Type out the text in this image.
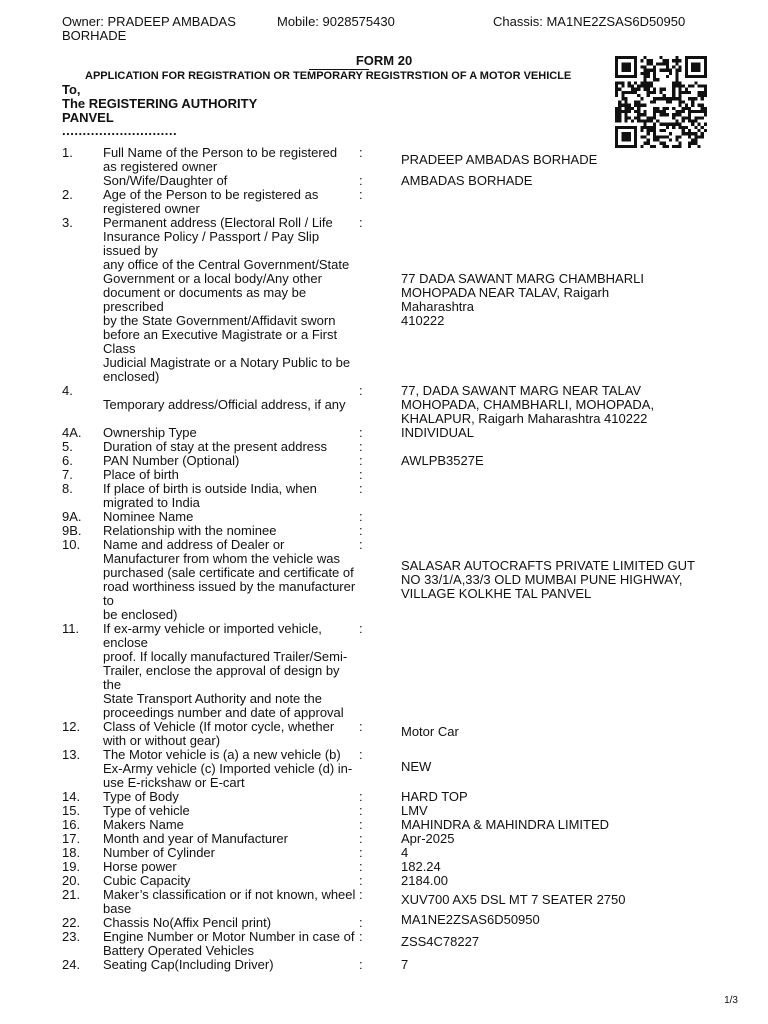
Owner: PRADEEP AMBADAS
BORHADE
Mobile: 9028575430	Chassis: MA1NE2ZSAS6D50950
FORM 20
APPLICATION FOR REGISTRATION OR TEMPORARY REGISTRSTION OF A MOTOR VEHICLE
To,
The REGISTERING AUTHORITY
PANVEL
............................
1. Full Name of the Person to be registered
as registered owner
:	PRADEEP AMBADAS BORHADE
Son/Wife/Daughter of	:	AMBADAS BORHADE
2. Age of the Person to be registered as
registered owner
:
3. Permanent address (Electoral Roll / Life
Insurance Policy / Passport / Pay Slip
issued by
any office of the Central Government/State
Government or a local body/Any other
document or documents as may be
prescribed
by the State Government/Affidavit sworn
before an Executive Magistrate or a First
Class
Judicial Magistrate or a Notary Public to be
enclosed)
:
77 DADA SAWANT MARG CHAMBHARLI
MOHOPADA NEAR TALAV, Raigarh
Maharashtra
410222
4.
Temporary address/Official address, if any
:	77, DADA SAWANT MARG NEAR TALAV
MOHOPADA, CHAMBHARLI, MOHOPADA,
KHALAPUR, Raigarh Maharashtra 410222
4A. Ownership Type	:	INDIVIDUAL
5. Duration of stay at the present address	:
6. PAN Number (Optional)	:	AWLPB3527E
7. Place of birth	:
8. If place of birth is outside India, when
migrated to India
:
9A. Nominee Name	:
9B. Relationship with the nominee	:
10. Name and address of Dealer or
Manufacturer from whom the vehicle was
purchased (sale certificate and certificate of
road worthiness issued by the manufacturer
to
be enclosed)
:
SALASAR AUTOCRAFTS PRIVATE LIMITED GUT
NO 33/1/A,33/3 OLD MUMBAI PUNE HIGHWAY,
VILLAGE KOLKHE TAL PANVEL
11. If ex-army vehicle or imported vehicle,
enclose
proof. If locally manufactured Trailer/Semi-
Trailer, enclose the approval of design by
the
State Transport Authority and note the
proceedings number and date of approval
:
12. Class of Vehicle (If motor cycle, whether
with or without gear)
:	Motor Car
13. The Motor vehicle is (a) a new vehicle (b)
Ex-Army vehicle (c) Imported vehicle (d) in-
use E-rickshaw or E-cart
:
NEW
14. Type of Body	:	HARD TOP
15. Type of vehicle	:	LMV
16. Makers Name	:	MAHINDRA & MAHINDRA LIMITED
17. Month and year of Manufacturer	:	Apr-2025
18. Number of Cylinder	:	4
19. Horse power	:	182.24
20. Cubic Capacity	:	2184.00
21. Maker’s classification or if not known, wheel
base
:	XUV700 AX5 DSL MT 7 SEATER 2750
22. Chassis No(Affix Pencil print)	:	MA1NE2ZSAS6D50950
23. Engine Number or Motor Number in case of
Battery Operated Vehicles
:	ZSS4C78227
24. Seating Cap(Including Driver)	:	7
1/3
